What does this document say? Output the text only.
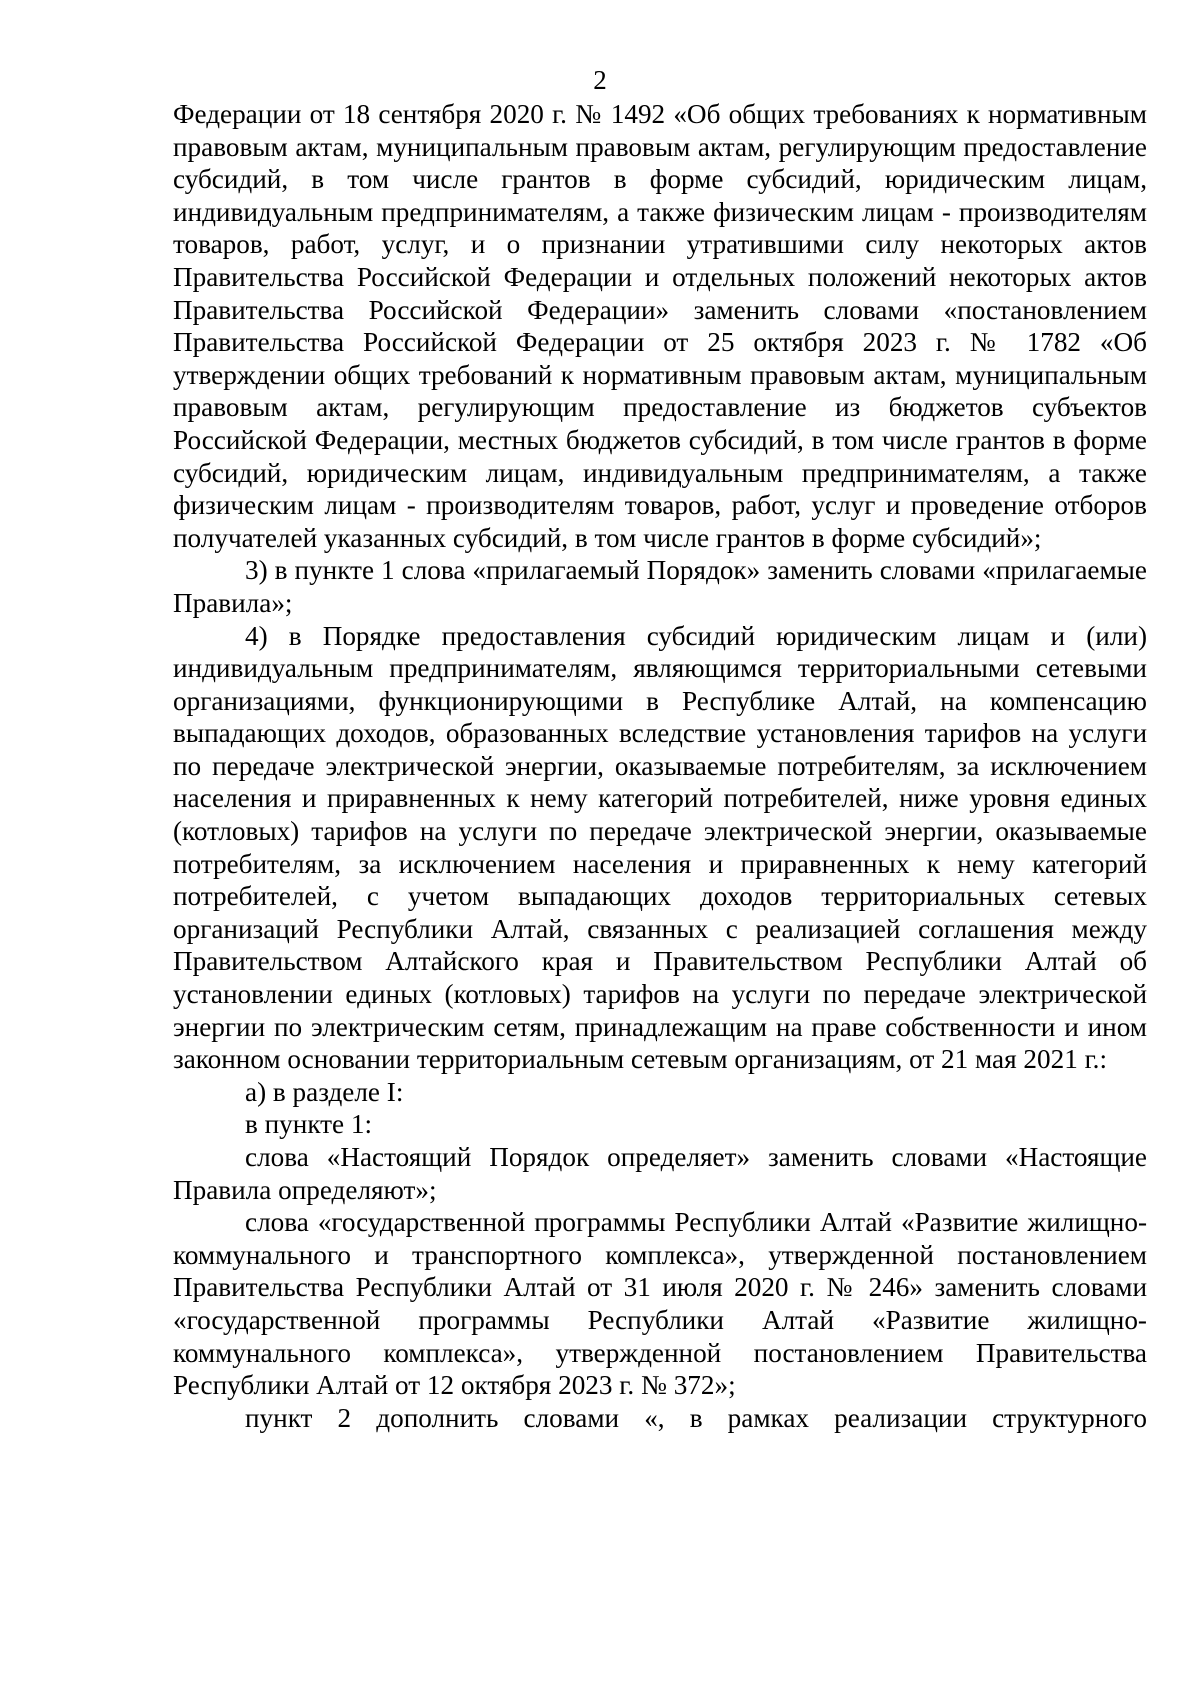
2

Федерации от 18 сентября 2020 г. № 1492 «Об общих требованиях к нормативным правовым актам, муниципальным правовым актам, регулирующим предоставление субсидий, в том числе грантов в форме субсидий, юридическим лицам, индивидуальным предпринимателям, а также физическим лицам - производителям товаров, работ, услуг, и о признании утратившими силу некоторых актов Правительства Российской Федерации и отдельных положений некоторых актов Правительства Российской Федерации» заменить словами «постановлением Правительства Российской Федерации от 25 октября 2023 г. № 1782 «Об утверждении общих требований к нормативным правовым актам, муниципальным правовым актам, регулирующим предоставление из бюджетов субъектов Российской Федерации, местных бюджетов субсидий, в том числе грантов в форме субсидий, юридическим лицам, индивидуальным предпринимателям, а также физическим лицам - производителям товаров, работ, услуг и проведение отборов получателей указанных субсидий, в том числе грантов в форме субсидий»;

3) в пункте 1 слова «прилагаемый Порядок» заменить словами «прилагаемые Правила»;

4) в Порядке предоставления субсидий юридическим лицам и (или) индивидуальным предпринимателям, являющимся территориальными сетевыми организациями, функционирующими в Республике Алтай, на компенсацию выпадающих доходов, образованных вследствие установления тарифов на услуги по передаче электрической энергии, оказываемые потребителям, за исключением населения и приравненных к нему категорий потребителей, ниже уровня единых (котловых) тарифов на услуги по передаче электрической энергии, оказываемые потребителям, за исключением населения и приравненных к нему категорий потребителей, с учетом выпадающих доходов территориальных сетевых организаций Республики Алтай, связанных с реализацией соглашения между Правительством Алтайского края и Правительством Республики Алтай об установлении единых (котловых) тарифов на услуги по передаче электрической энергии по электрическим сетям, принадлежащим на праве собственности и ином законном основании территориальным сетевым организациям, от 21 мая 2021 г.:

а) в разделе I:

в пункте 1:

слова «Настоящий Порядок определяет» заменить словами «Настоящие Правила определяют»;

слова «государственной программы Республики Алтай «Развитие жилищно-коммунального и транспортного комплекса», утвержденной постановлением Правительства Республики Алтай от 31 июля 2020 г. № 246» заменить словами «государственной программы Республики Алтай «Развитие жилищно-коммунального комплекса», утвержденной постановлением Правительства Республики Алтай от 12 октября 2023 г. № 372»;

пункт 2 дополнить словами «, в рамках реализации структурного
